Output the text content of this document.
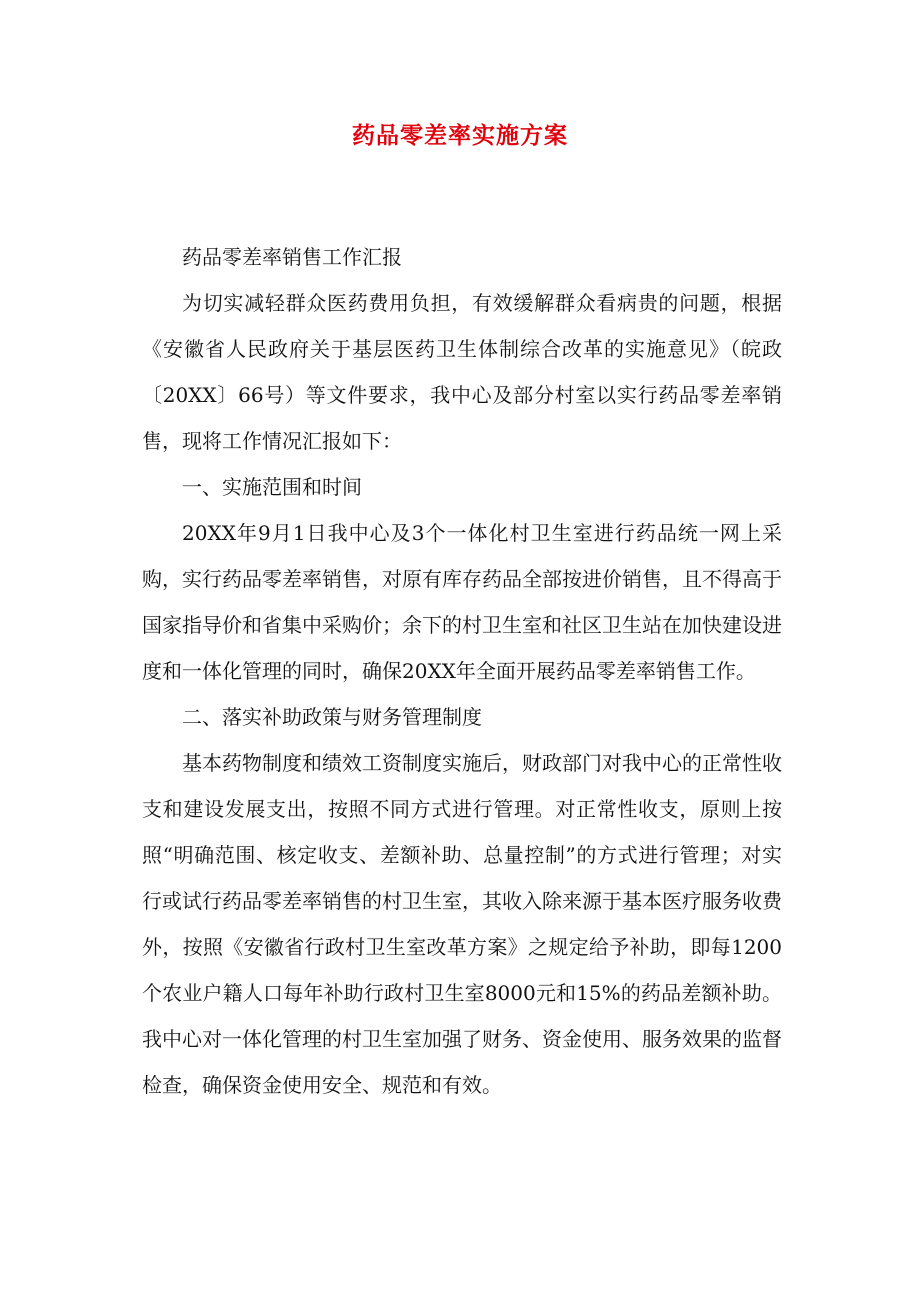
药品零差率实施方案

药品零差率销售工作汇报

为切实减轻群众医药费用负担，有效缓解群众看病贵的问题，根据《安徽省人民政府关于基层医药卫生体制综合改革的实施意见》（皖政〔20XX〕66号）等文件要求，我中心及部分村室以实行药品零差率销售，现将工作情况汇报如下：

一、实施范围和时间

20XX年9月1日我中心及3个一体化村卫生室进行药品统一网上采购，实行药品零差率销售，对原有库存药品全部按进价销售，且不得高于国家指导价和省集中采购价；余下的村卫生室和社区卫生站在加快建设进度和一体化管理的同时，确保20XX年全面开展药品零差率销售工作。

二、落实补助政策与财务管理制度

基本药物制度和绩效工资制度实施后，财政部门对我中心的正常性收支和建设发展支出，按照不同方式进行管理。对正常性收支，原则上按照“明确范围、核定收支、差额补助、总量控制”的方式进行管理；对实行或试行药品零差率销售的村卫生室，其收入除来源于基本医疗服务收费外，按照《安徽省行政村卫生室改革方案》之规定给予补助，即每1200个农业户籍人口每年补助行政村卫生室8000元和15%的药品差额补助。我中心对一体化管理的村卫生室加强了财务、资金使用、服务效果的监督检查，确保资金使用安全、规范和有效。
